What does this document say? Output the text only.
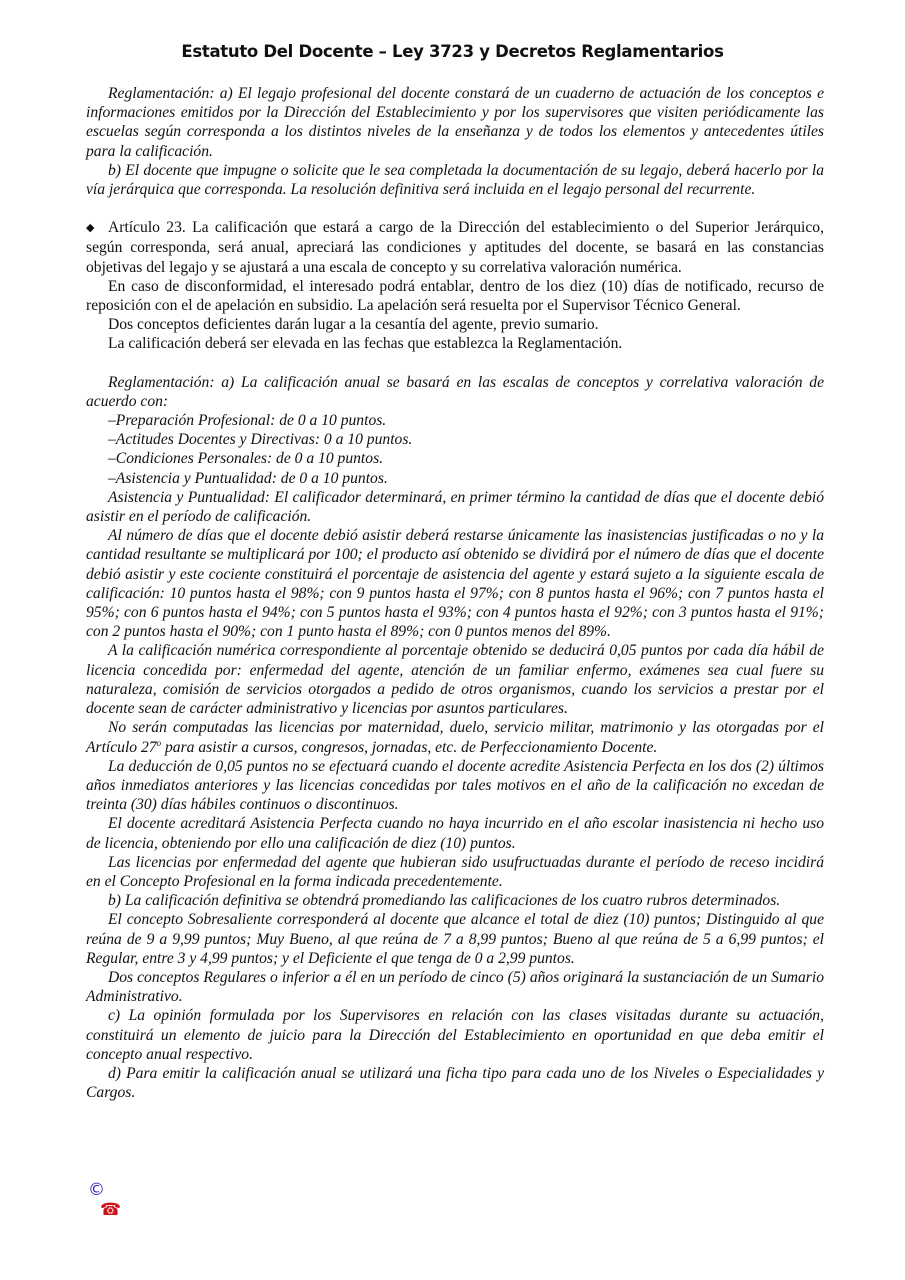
Estatuto Del Docente – Ley 3723 y Decretos Reglamentarios

Reglamentación: a) El legajo profesional del docente constará de un cuaderno de actuación de los conceptos e informaciones emitidos por la Dirección del Establecimiento y por los supervisores que visiten periódicamente las escuelas según corresponda a los distintos niveles de la enseñanza y de todos los elementos y antecedentes útiles para la calificación.

b) El docente que impugne o solicite que le sea completada la documentación de su legajo, deberá hacerlo por la vía jerárquica que corresponda. La resolución definitiva será incluida en el legajo personal del recurrente.

◆ Artículo 23. La calificación que estará a cargo de la Dirección del establecimiento o del Superior Jerárquico, según corresponda, será anual, apreciará las condiciones y aptitudes del docente, se basará en las constancias objetivas del legajo y se ajustará a una escala de concepto y su correlativa valoración numérica.

En caso de disconformidad, el interesado podrá entablar, dentro de los diez (10) días de notificado, recurso de reposición con el de apelación en subsidio. La apelación será resuelta por el Supervisor Técnico General.

Dos conceptos deficientes darán lugar a la cesantía del agente, previo sumario.

La calificación deberá ser elevada en las fechas que establezca la Reglamentación.

Reglamentación: a) La calificación anual se basará en las escalas de conceptos y correlativa valoración de acuerdo con:

–Preparación Profesional: de 0 a 10 puntos.
–Actitudes Docentes y Directivas: 0 a 10 puntos.
–Condiciones Personales: de 0 a 10 puntos.
–Asistencia y Puntualidad: de 0 a 10 puntos.

Asistencia y Puntualidad: El calificador determinará, en primer término la cantidad de días que el docente debió asistir en el período de calificación.

Al número de días que el docente debió asistir deberá restarse únicamente las inasistencias justificadas o no y la cantidad resultante se multiplicará por 100; el producto así obtenido se dividirá por el número de días que el docente debió asistir y este cociente constituirá el porcentaje de asistencia del agente y estará sujeto a la siguiente escala de calificación: 10 puntos hasta el 98%; con 9 puntos hasta el 97%; con 8 puntos hasta el 96%; con 7 puntos hasta el 95%; con 6 puntos hasta el 94%; con 5 puntos hasta el 93%; con 4 puntos hasta el 92%; con 3 puntos hasta el 91%; con 2 puntos hasta el 90%; con 1 punto hasta el 89%; con 0 puntos menos del 89%.

A la calificación numérica correspondiente al porcentaje obtenido se deducirá 0,05 puntos por cada día hábil de licencia concedida por: enfermedad del agente, atención de un familiar enfermo, exámenes sea cual fuere su naturaleza, comisión de servicios otorgados a pedido de otros organismos, cuando los servicios a prestar por el docente sean de carácter administrativo y licencias por asuntos particulares.

No serán computadas las licencias por maternidad, duelo, servicio militar, matrimonio y las otorgadas por el Artículo 27$^o$ para asistir a cursos, congresos, jornadas, etc. de Perfeccionamiento Docente.

La deducción de 0,05 puntos no se efectuará cuando el docente acredite Asistencia Perfecta en los dos (2) últimos años inmediatos anteriores y las licencias concedidas por tales motivos en el año de la calificación no excedan de treinta (30) días hábiles continuos o discontinuos.

El docente acreditará Asistencia Perfecta cuando no haya incurrido en el año escolar inasistencia ni hecho uso de licencia, obteniendo por ello una calificación de diez (10) puntos.

Las licencias por enfermedad del agente que hubieran sido usufructuadas durante el período de receso incidirá en el Concepto Profesional en la forma indicada precedentemente.

b) La calificación definitiva se obtendrá promediando las calificaciones de los cuatro rubros determinados.

El concepto Sobresaliente corresponderá al docente que alcance el total de diez (10) puntos; Distinguido al que reúna de 9 a 9,99 puntos; Muy Bueno, al que reúna de 7 a 8,99 puntos; Bueno al que reúna de 5 a 6,99 puntos; el Regular, entre 3 y 4,99 puntos; y el Deficiente el que tenga de 0 a 2,99 puntos.

Dos conceptos Regulares o inferior a él en un período de cinco (5) años originará la sustanciación de un Sumario Administrativo.

c) La opinión formulada por los Supervisores en relación con las clases visitadas durante su actuación, constituirá un elemento de juicio para la Dirección del Establecimiento en oportunidad en que deba emitir el concepto anual respectivo.

d) Para emitir la calificación anual se utilizará una ficha tipo para cada uno de los Niveles o Especialidades y Cargos.

©
☎
